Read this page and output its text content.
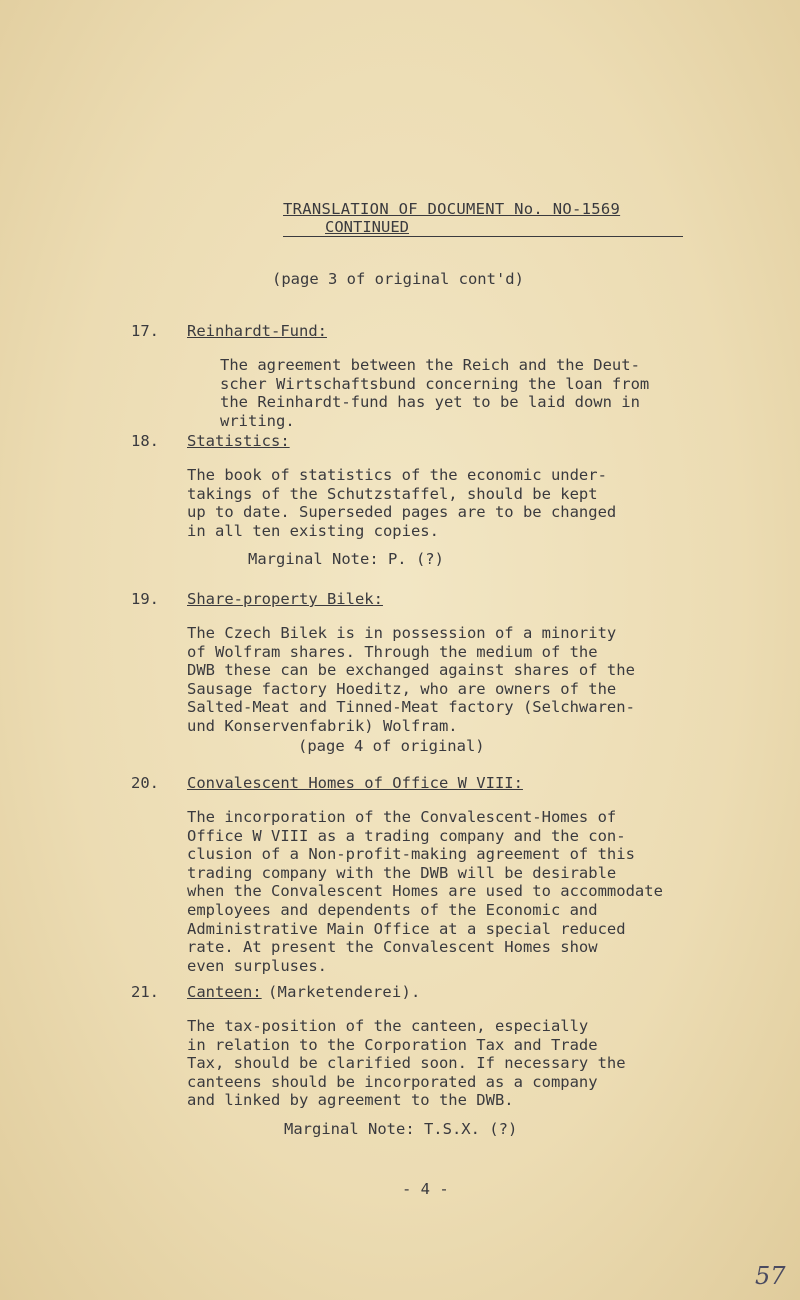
TRANSLATION OF DOCUMENT No. NO-1569
CONTINUED
(page 3 of original cont'd)
17. Reinhardt-Fund:
The agreement between the Reich and the Deut-
scher Wirtschaftsbund concerning the loan from
the Reinhardt-fund has yet to be laid down in
writing.
18. Statistics:
The book of statistics of the economic under-
takings of the Schutzstaffel, should be kept
up to date. Superseded pages are to be changed
in all ten existing copies.
Marginal Note: P. (?)
19. Share-property Bilek:
The Czech Bilek is in possession of a minority
of Wolfram shares. Through the medium of the
DWB these can be exchanged against shares of the
Sausage factory Hoeditz, who are owners of the
Salted-Meat and Tinned-Meat factory (Selchwaren-
und Konservenfabrik) Wolfram.
(page 4 of original)
20. Convalescent Homes of Office W VIII:
The incorporation of the Convalescent-Homes of
Office W VIII as a trading company and the con-
clusion of a Non-profit-making agreement of this
trading company with the DWB will be desirable
when the Convalescent Homes are used to accommodate
employees and dependents of the Economic and
Administrative Main Office at a special reduced
rate. At present the Convalescent Homes show
even surpluses.
21. Canteen: (Marketenderei).
The tax-position of the canteen, especially
in relation to the Corporation Tax and Trade
Tax, should be clarified soon. If necessary the
canteens should be incorporated as a company
and linked by agreement to the DWB.
Marginal Note: T.S.X. (?)
- 4 -
57
